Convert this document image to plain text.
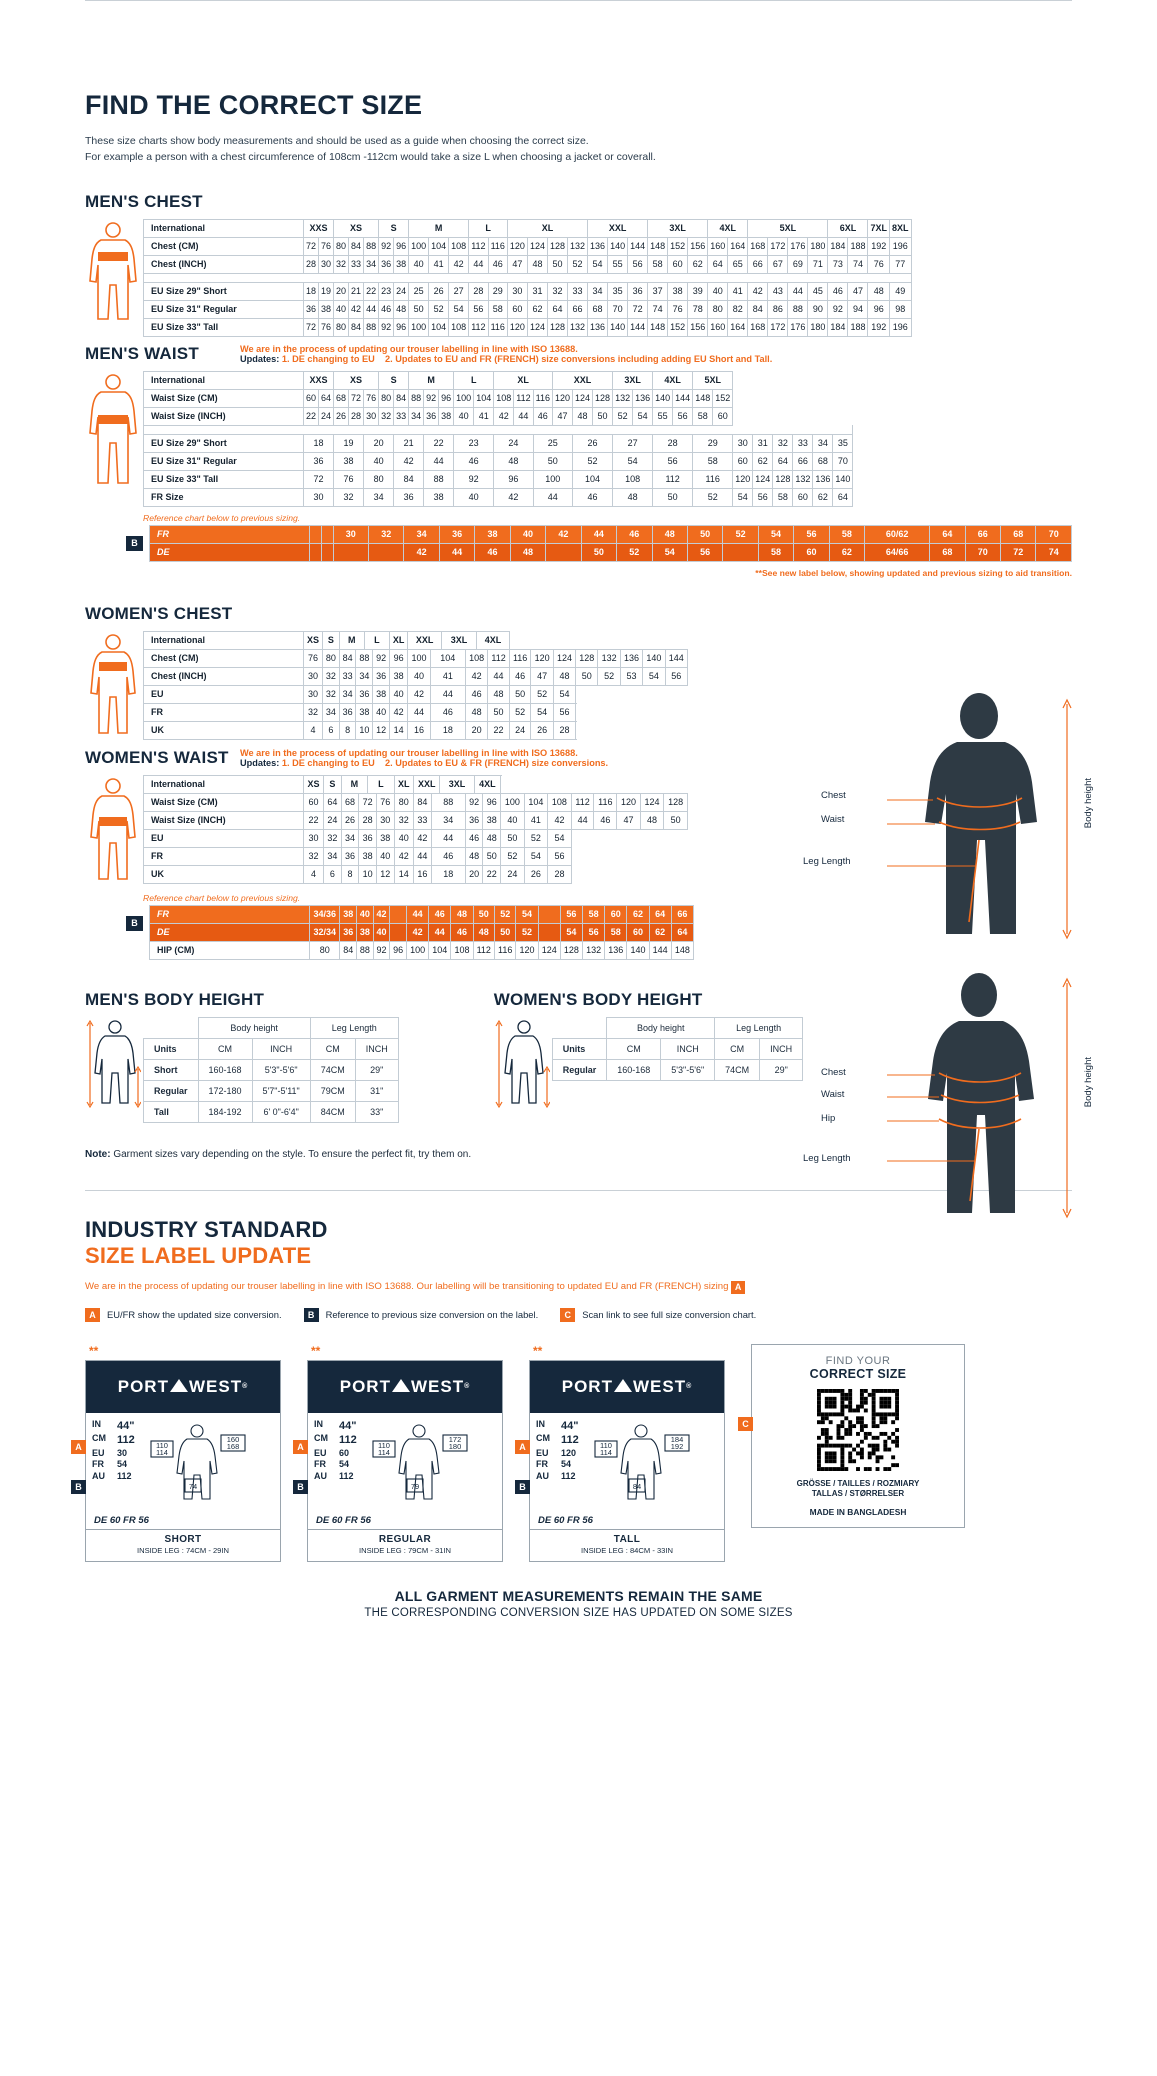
FIND THE CORRECT SIZE

These size charts show body measurements and should be used as a guide when choosing the correct size.
For example a person with a chest circumference of 108cm -112cm would take a size L when choosing a jacket or coverall.

MEN'S CHEST
International	XXS		XS			S		M			L		XL				XXL			3XL			4XL		5XL				6XL		7XL	8XL
Chest (CM)	72	76	80	84	88	92	96	100	104	108	112	116	120	124	128	132	136	140	144	148	152	156	160	164	168	172	176	180	184	188	192	196
Chest (INCH)	28	30	32	33	34	36	38	40	41	42	44	46	47	48	50	52	54	55	56	58	60	62	64	65	66	67	69	71	73	74	76	77

EU Size 29" Short	18	19	20	21	22	23	24	25	26	27	28	29	30	31	32	33	34	35	36	37	38	39	40	41	42	43	44	45	46	47	48	49
EU Size 31" Regular	36	38	40	42	44	46	48	50	52	54	56	58	60	62	64	66	68	70	72	74	76	78	80	82	84	86	88	90	92	94	96	98
EU Size 33" Tall	72	76	80	84	88	92	96	100	104	108	112	116	120	124	128	132	136	140	144	148	152	156	160	164	168	172	176	180	184	188	192	196
We are in the process of updating our trouser labelling in line with ISO 13688.
Updates: 1. DE changing to EU 2. Updates to EU and FR (FRENCH) size conversions including adding EU Short and Tall.
MEN'S WAIST
International	XXS		XS			S		M			L		XL			XXL			3XL		4XL		5XL							
Waist Size (CM)	60	64	68	72	76	80	84	88	92	96	100	104	108	112	116	120	124	128	132	136	140	144	148	152						
Waist Size (INCH)	22	24	26	28	30	32	33	34	36	38	40	41	42	44	46	47	48	50	52	54	55	56	58	60						

EU Size 29" Short	18		19		20		21		22		23		24		25		26		27		28		29		30	31	32	33	34	35
EU Size 31" Regular	36		38		40		42		44		46		48		50		52		54		56		58		60	62	64	66	68	70
EU Size 33" Tall	72		76		80		84		88		92		96		100		104		108		112		116		120	124	128	132	136	140
FR Size	30		32		34		36		38		40		42		44		46		48		50		52		54	56	58	60	62	64
Reference chart below to previous sizing.
B
FR			30	32	34	36	38	40	42	44	46	48	50	52	54	56	58	60/62	64	66	68	70
DE					42	44	46	48		50	52	54	56		58	60	62	64/66	68	70	72	74
**See new label below, showing updated and previous sizing to aid transition.
WOMEN'S CHEST
International	XS	S	M		L		XL	XXL		3XL		4XL									
Chest (CM)	76	80	84	88		92	96	100	104		108		112	116	120	124	128	132	136	140	144
Chest (INCH)	30	32	33	34		36	38	40	41		42		44	46	47	48	50	52	53	54	56
EU	30	32	34	36		38	40	42	44		46		48	50	52	54					
FR	32	34	36	38		40	42	44	46		48		50	52	54	56					
UK	4	6	8	10		12	14	16	18		20		22	24	26	28					
We are in the process of updating our trouser labelling in line with ISO 13688.
Updates: 1. DE changing to EU 2. Updates to EU & FR (FRENCH) size conversions.
WOMEN'S WAIST
International	XS	S	M		L		XL	XXL		3XL		4XL									
Waist Size (CM)	60	64	68	72		76	80	84	88		92		96	100	104	108	112	116	120	124	128
Waist Size (INCH)	22	24	26	28		30	32	33	34		36		38	40	41	42	44	46	47	48	50
EU	30	32	34	36		38	40	42	44		46		48	50	52	54					
FR	32	34	36	38		40	42	44	46		48		50	52	54	56					
UK	4	6	8	10		12	14	16	18		20		22	24	26	28					
Reference chart below to previous sizing.
B
FR	34/36	38	40	42		44	46	48	50	52	54		56	58	60	62	64	66
DE	32/34	36	38	40		42	44	46	48	50	52		54	56	58	60	62	64
HIP (CM)	80	84	88	92	96	100	104	108	112	116	120	124	128	132	136	140	144	148
MEN'S BODY HEIGHT
	Body height		Leg Length	
Units	CM	INCH	CM	INCH
Short	160-168	5'3"-5'6"	74CM	29"
Regular	172-180	5'7"-5'11"	79CM	31"
Tall	184-192	6' 0"-6'4"	84CM	33"
WOMEN'S BODY HEIGHT
	Body height		Leg Length	
Units	CM	INCH	CM	INCH
Regular	160-168	5'3"-5'6"	74CM	29"

Note: Garment sizes vary depending on the style. To ensure the perfect fit, try them on.

INDUSTRY STANDARD
SIZE LABEL UPDATE

We are in the process of updating our trouser labelling in line with ISO 13688. Our labelling will be transitioning to updated EU and FR (FRENCH) sizing A

A	EU/FR show the updated size conversion.	B	Reference to previous size conversion on the label.	C	Scan link to see full size conversion chart.
**
PORT WEST ®
IN	44"
CM	112
EU	30
FR	54
AU	112
110
114
160
168
74
DE 60 FR 56
SHORT
INSIDE LEG : 74CM - 29IN
A
B
**
PORT WEST ®
IN	44"
CM	112
EU	60
FR	54
AU	112
110
114
172
180
79
DE 60 FR 56
REGULAR
INSIDE LEG : 79CM - 31IN
A
B
**
PORT WEST ®
IN	44"
CM	112
EU	120
FR	54
AU	112
110
114
184
192
84
DE 60 FR 56
TALL
INSIDE LEG : 84CM - 33IN
A
B
C
FIND YOUR
CORRECT SIZE
GRÖSSE / TAILLES / ROZMIARY
TALLAS / STØRRELSER
MADE IN BANGLADESH
ALL GARMENT MEASUREMENTS REMAIN THE SAME
THE CORRESPONDING CONVERSION SIZE HAS UPDATED ON SOME SIZES
Chest
Waist
Leg Length
Body height
Chest
Waist
Hip
Leg Length
Body height
